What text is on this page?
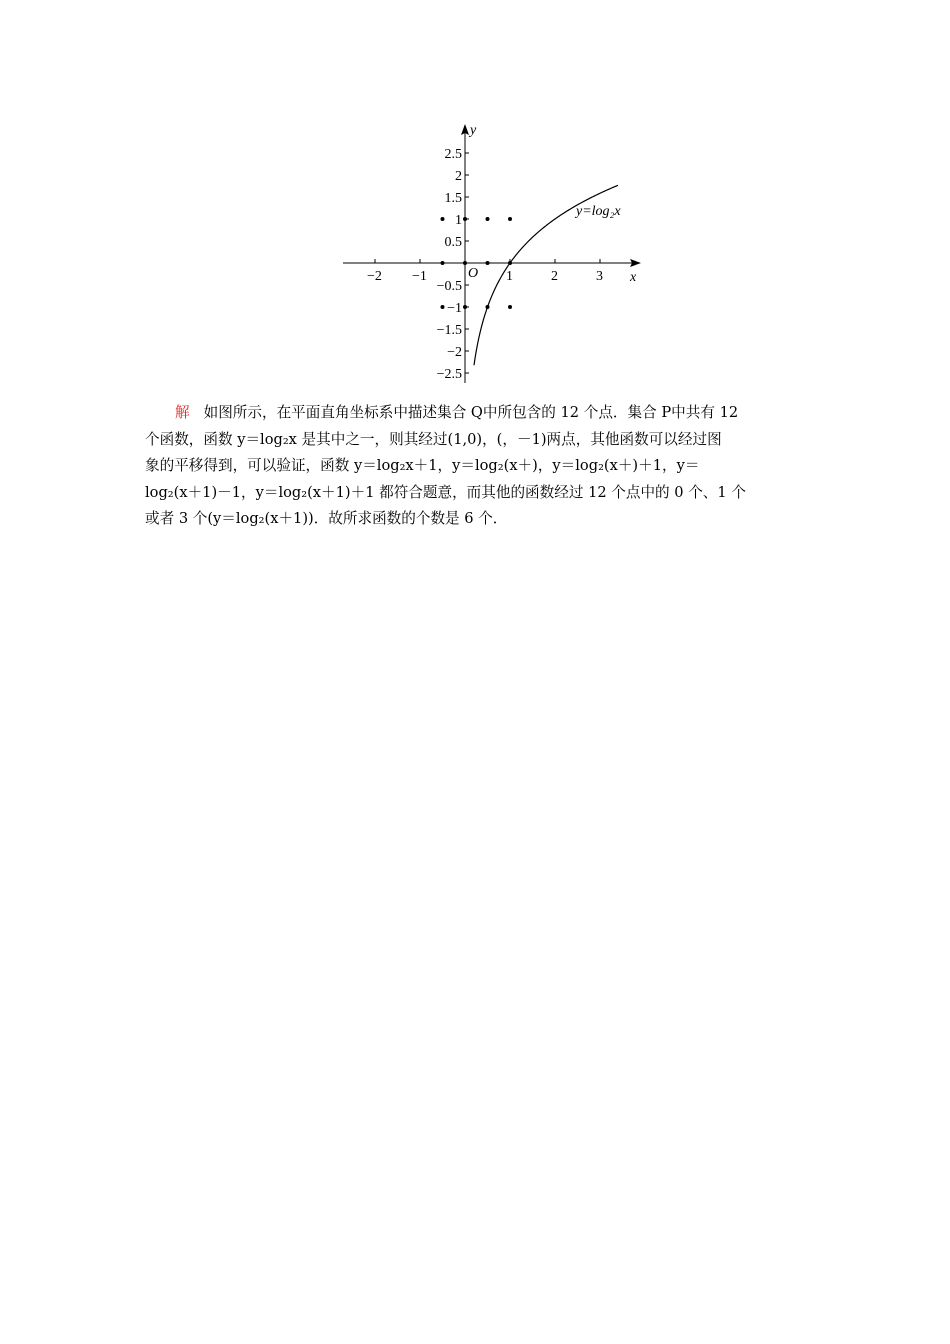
−2 −1	1	2	3
2.5
2
1.5
1
0.5
−0.5
−1
−1.5
−2
−2.5
x
y
O
y=log₂x

解 如图所示，在平面直角坐标系中描述集合 Q中所包含的 12 个点．集合 P中共有 12

个函数，函数 y＝log₂x 是其中之一，则其经过(1,0)，(，－1)两点，其他函数可以经过图

象的平移得到，可以验证，函数 y＝log₂x＋1，y＝log₂(x＋)，y＝log₂(x＋)＋1，y＝

log₂(x＋1)－1，y＝log₂(x＋1)＋1 都符合题意，而其他的函数经过 12 个点中的 0 个、1 个

或者 3 个(y＝log₂(x＋1))．故所求函数的个数是 6 个．
